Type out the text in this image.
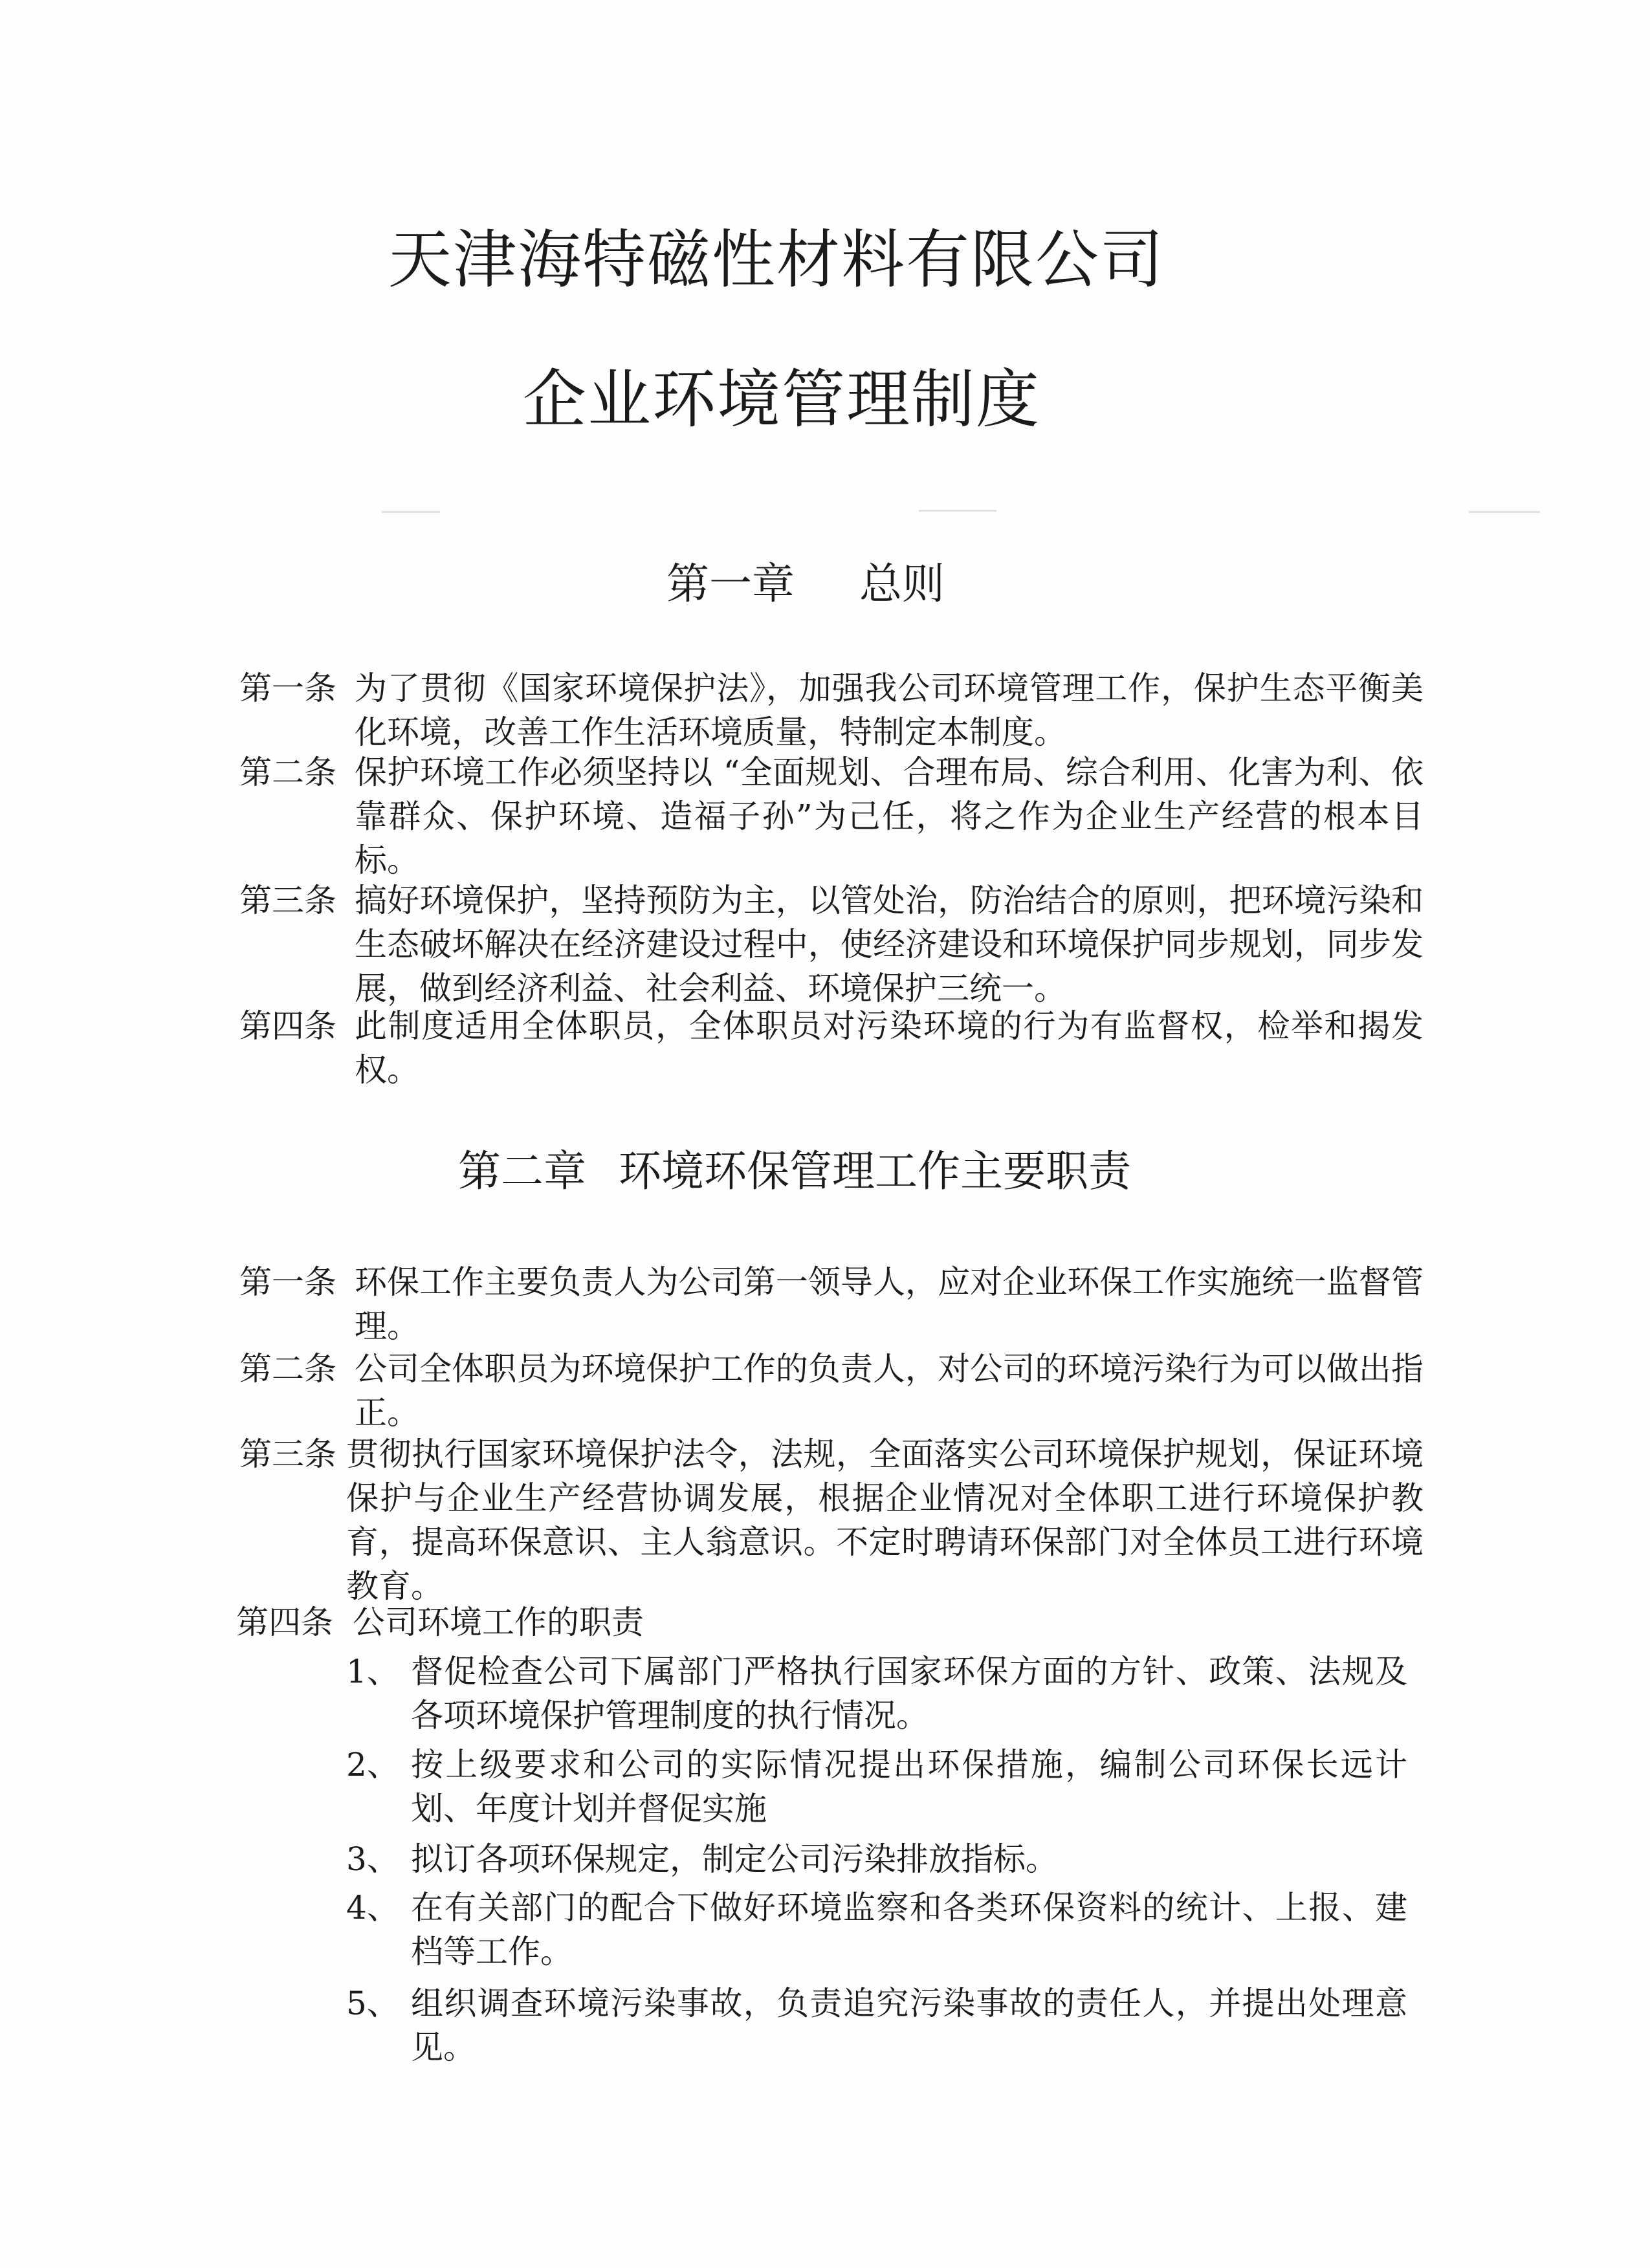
天津海特磁性材料有限公司
企业环境管理制度
第一章 总则
第一条 为了贯彻《国家环境保护法》，加强我公司环境管理工作，保护生态平衡美化环境，改善工作生活环境质量，特制定本制度。
第二条 保护环境工作必须坚持以 “全面规划、合理布局、综合利用、化害为利、依靠群众、保护环境、造福子孙”为己任，将之作为企业生产经营的根本目标。
第三条 搞好环境保护，坚持预防为主，以管处治，防治结合的原则，把环境污染和生态破坏解决在经济建设过程中，使经济建设和环境保护同步规划，同步发展，做到经济利益、社会利益、环境保护三统一。
第四条 此制度适用全体职员，全体职员对污染环境的行为有监督权，检举和揭发权。
第二章 环境环保管理工作主要职责
第一条 环保工作主要负责人为公司第一领导人，应对企业环保工作实施统一监督管理。
第二条 公司全体职员为环境保护工作的负责人，对公司的环境污染行为可以做出指正。
第三条 贯彻执行国家环境保护法令，法规，全面落实公司环境保护规划，保证环境保护与企业生产经营协调发展，根据企业情况对全体职工进行环境保护教育，提高环保意识、主人翁意识。不定时聘请环保部门对全体员工进行环境教育。
第四条 公司环境工作的职责
1、 督促检查公司下属部门严格执行国家环保方面的方针、政策、法规及各项环境保护管理制度的执行情况。
2、 按上级要求和公司的实际情况提出环保措施，编制公司环保长远计划、年度计划并督促实施
3、 拟订各项环保规定，制定公司污染排放指标。
4、 在有关部门的配合下做好环境监察和各类环保资料的统计、上报、建档等工作。
5、 组织调查环境污染事故，负责追究污染事故的责任人，并提出处理意见。
